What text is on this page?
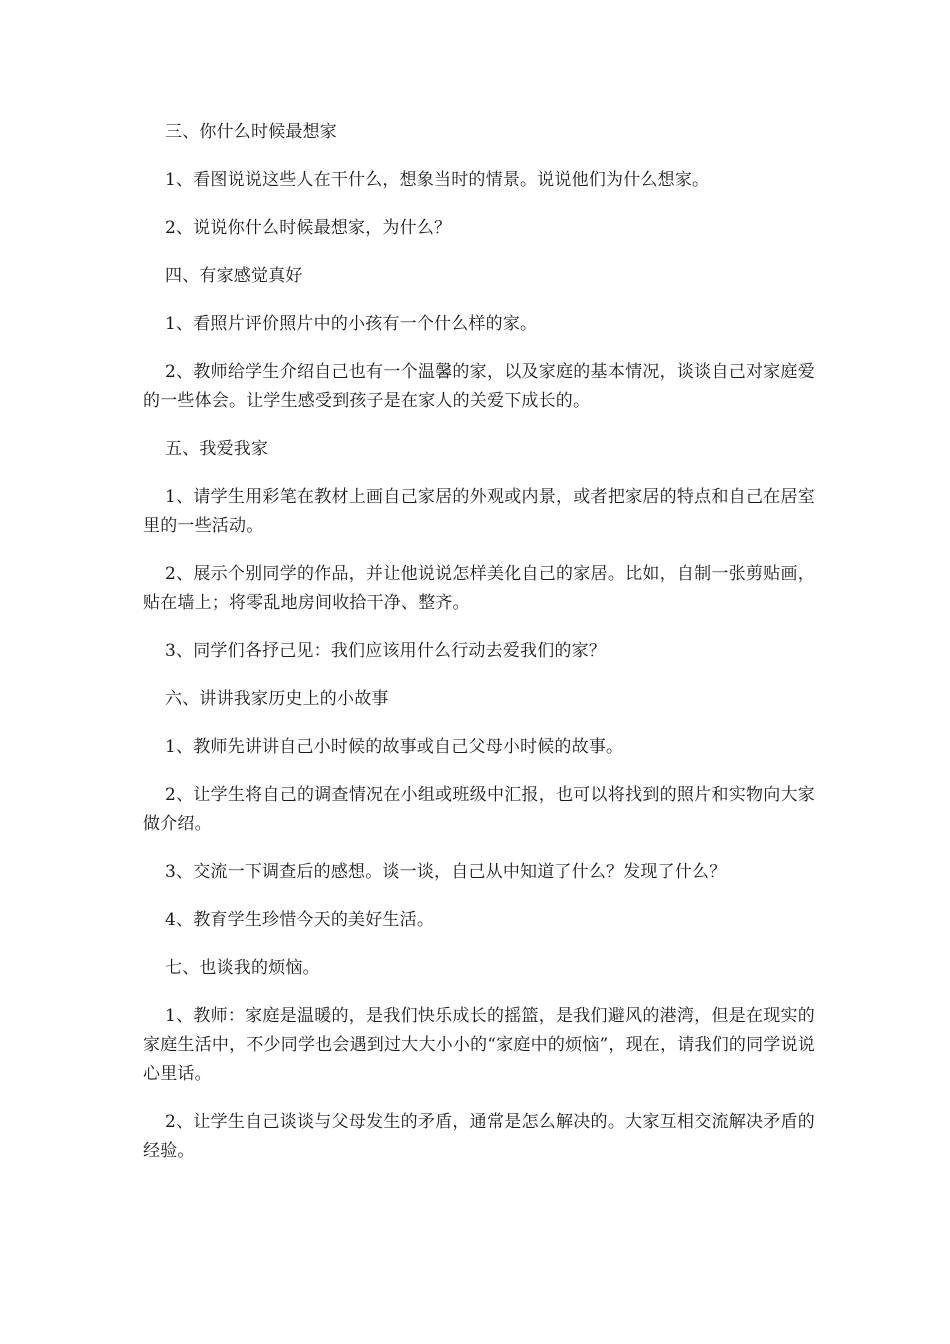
三、你什么时候最想家

1、看图说说这些人在干什么，想象当时的情景。说说他们为什么想家。

2、说说你什么时候最想家，为什么？

四、有家感觉真好

1、看照片评价照片中的小孩有一个什么样的家。

2、教师给学生介绍自己也有一个温馨的家，以及家庭的基本情况，谈谈自己对家庭爱的一些体会。让学生感受到孩子是在家人的关爱下成长的。

五、我爱我家

1、请学生用彩笔在教材上画自己家居的外观或内景，或者把家居的特点和自己在居室里的一些活动。

2、展示个别同学的作品，并让他说说怎样美化自己的家居。比如，自制一张剪贴画，贴在墙上；将零乱地房间收拾干净、整齐。

3、同学们各抒己见：我们应该用什么行动去爱我们的家？

六、讲讲我家历史上的小故事

1、教师先讲讲自己小时候的故事或自己父母小时候的故事。

2、让学生将自己的调查情况在小组或班级中汇报，也可以将找到的照片和实物向大家做介绍。

3、交流一下调查后的感想。谈一谈，自己从中知道了什么？发现了什么？

4、教育学生珍惜今天的美好生活。

七、也谈我的烦恼。

1、教师：家庭是温暖的，是我们快乐成长的摇篮，是我们避风的港湾，但是在现实的家庭生活中，不少同学也会遇到过大大小小的“家庭中的烦恼”，现在，请我们的同学说说心里话。

2、让学生自己谈谈与父母发生的矛盾，通常是怎么解决的。大家互相交流解决矛盾的经验。
